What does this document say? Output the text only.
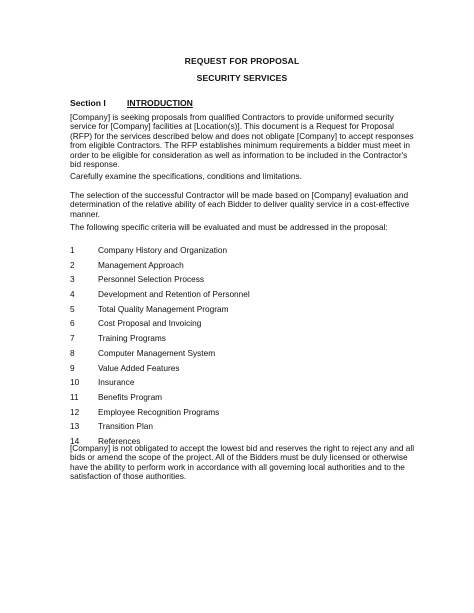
REQUEST FOR PROPOSAL
SECURITY SERVICES
Section I	INTRODUCTION

[Company] is seeking proposals from qualified Contractors to provide uniformed security service for [Company] facilities at [Location(s)]. This document is a Request for Proposal (RFP) for the services described below and does not obligate [Company] to accept responses from eligible Contractors. The RFP establishes minimum requirements a bidder must meet in order to be eligible for consideration as well as information to be included in the Contractor's bid response.

Carefully examine the specifications, conditions and limitations.

The selection of the successful Contractor will be made based on [Company] evaluation and determination of the relative ability of each Bidder to deliver quality service in a cost-effective manner.

The following specific criteria will be evaluated and must be addressed in the proposal:

1	Company History and Organization
2	Management Approach
3	Personnel Selection Process
4	Development and Retention of Personnel
5	Total Quality Management Program
6	Cost Proposal and Invoicing
7	Training Programs
8	Computer Management System
9	Value Added Features
10	Insurance
11	Benefits Program
12	Employee Recognition Programs
13	Transition Plan
14	References

[Company] is not obligated to accept the lowest bid and reserves the right to reject any and all bids or amend the scope of the project. All of the Bidders must be duly licensed or otherwise have the ability to perform work in accordance with all governing local authorities and to the satisfaction of those authorities.
